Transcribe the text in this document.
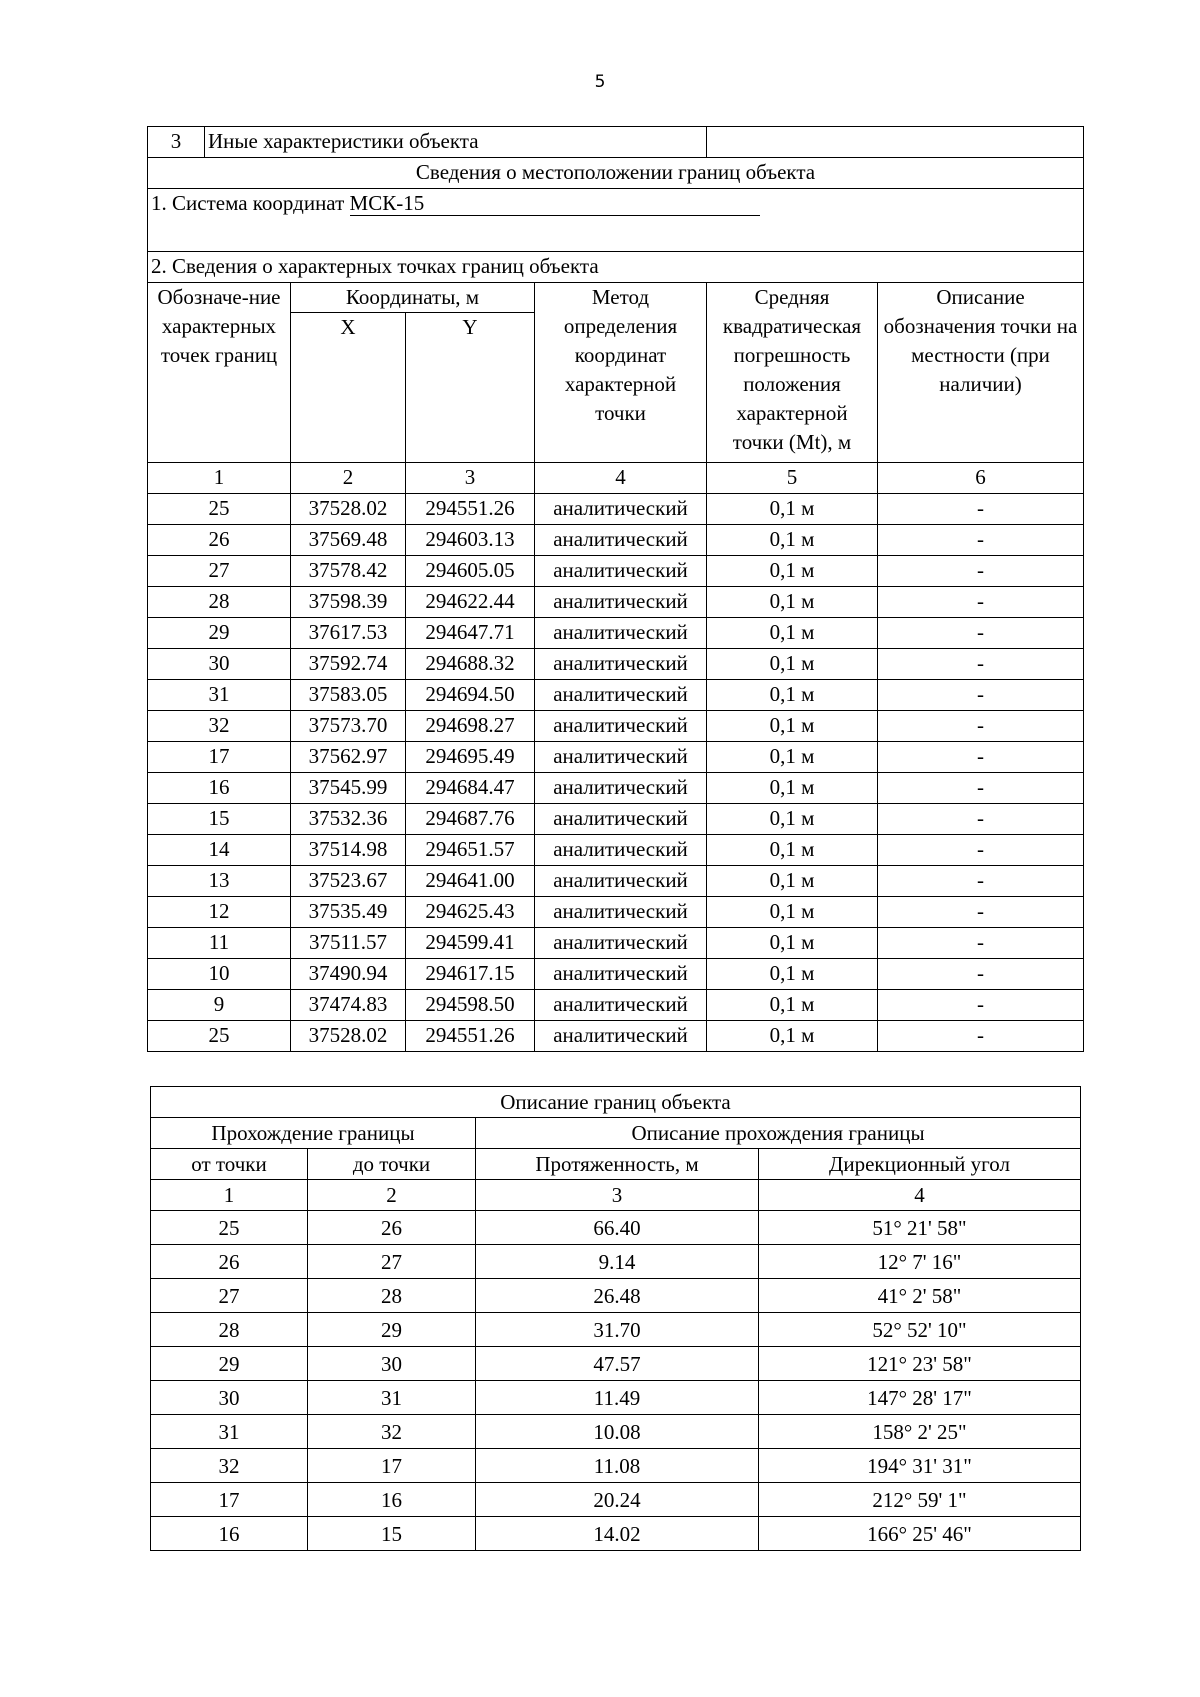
5
3	Иные характеристики объекта					
Сведения о местоположении границ объекта						
1. Система координат МСК-15						
2. Сведения о характерных точках границ объекта						
Обозначе-ние характерных точек границ		Координаты, м		Метод определения координат характерной точки	Средняя квадратическая погрешность положения характерной точки (Mt), м	Описание обозначения точки на местности (при наличии)
		X	Y			
1		2	3	4	5	6
25		37528.02	294551.26	аналитический	0,1 м	-
26		37569.48	294603.13	аналитический	0,1 м	-
27		37578.42	294605.05	аналитический	0,1 м	-
28		37598.39	294622.44	аналитический	0,1 м	-
29		37617.53	294647.71	аналитический	0,1 м	-
30		37592.74	294688.32	аналитический	0,1 м	-
31		37583.05	294694.50	аналитический	0,1 м	-
32		37573.70	294698.27	аналитический	0,1 м	-
17		37562.97	294695.49	аналитический	0,1 м	-
16		37545.99	294684.47	аналитический	0,1 м	-
15		37532.36	294687.76	аналитический	0,1 м	-
14		37514.98	294651.57	аналитический	0,1 м	-
13		37523.67	294641.00	аналитический	0,1 м	-
12		37535.49	294625.43	аналитический	0,1 м	-
11		37511.57	294599.41	аналитический	0,1 м	-
10		37490.94	294617.15	аналитический	0,1 м	-
9		37474.83	294598.50	аналитический	0,1 м	-
25		37528.02	294551.26	аналитический	0,1 м	-
Описание границ объекта			
Прохождение границы		Описание прохождения границы	
от точки	до точки	Протяженность, м	Дирекционный угол
1	2	3	4
25	26	66.40	51° 21' 58"
26	27	9.14	12° 7' 16"
27	28	26.48	41° 2' 58"
28	29	31.70	52° 52' 10"
29	30	47.57	121° 23' 58"
30	31	11.49	147° 28' 17"
31	32	10.08	158° 2' 25"
32	17	11.08	194° 31' 31"
17	16	20.24	212° 59' 1"
16	15	14.02	166° 25' 46"
